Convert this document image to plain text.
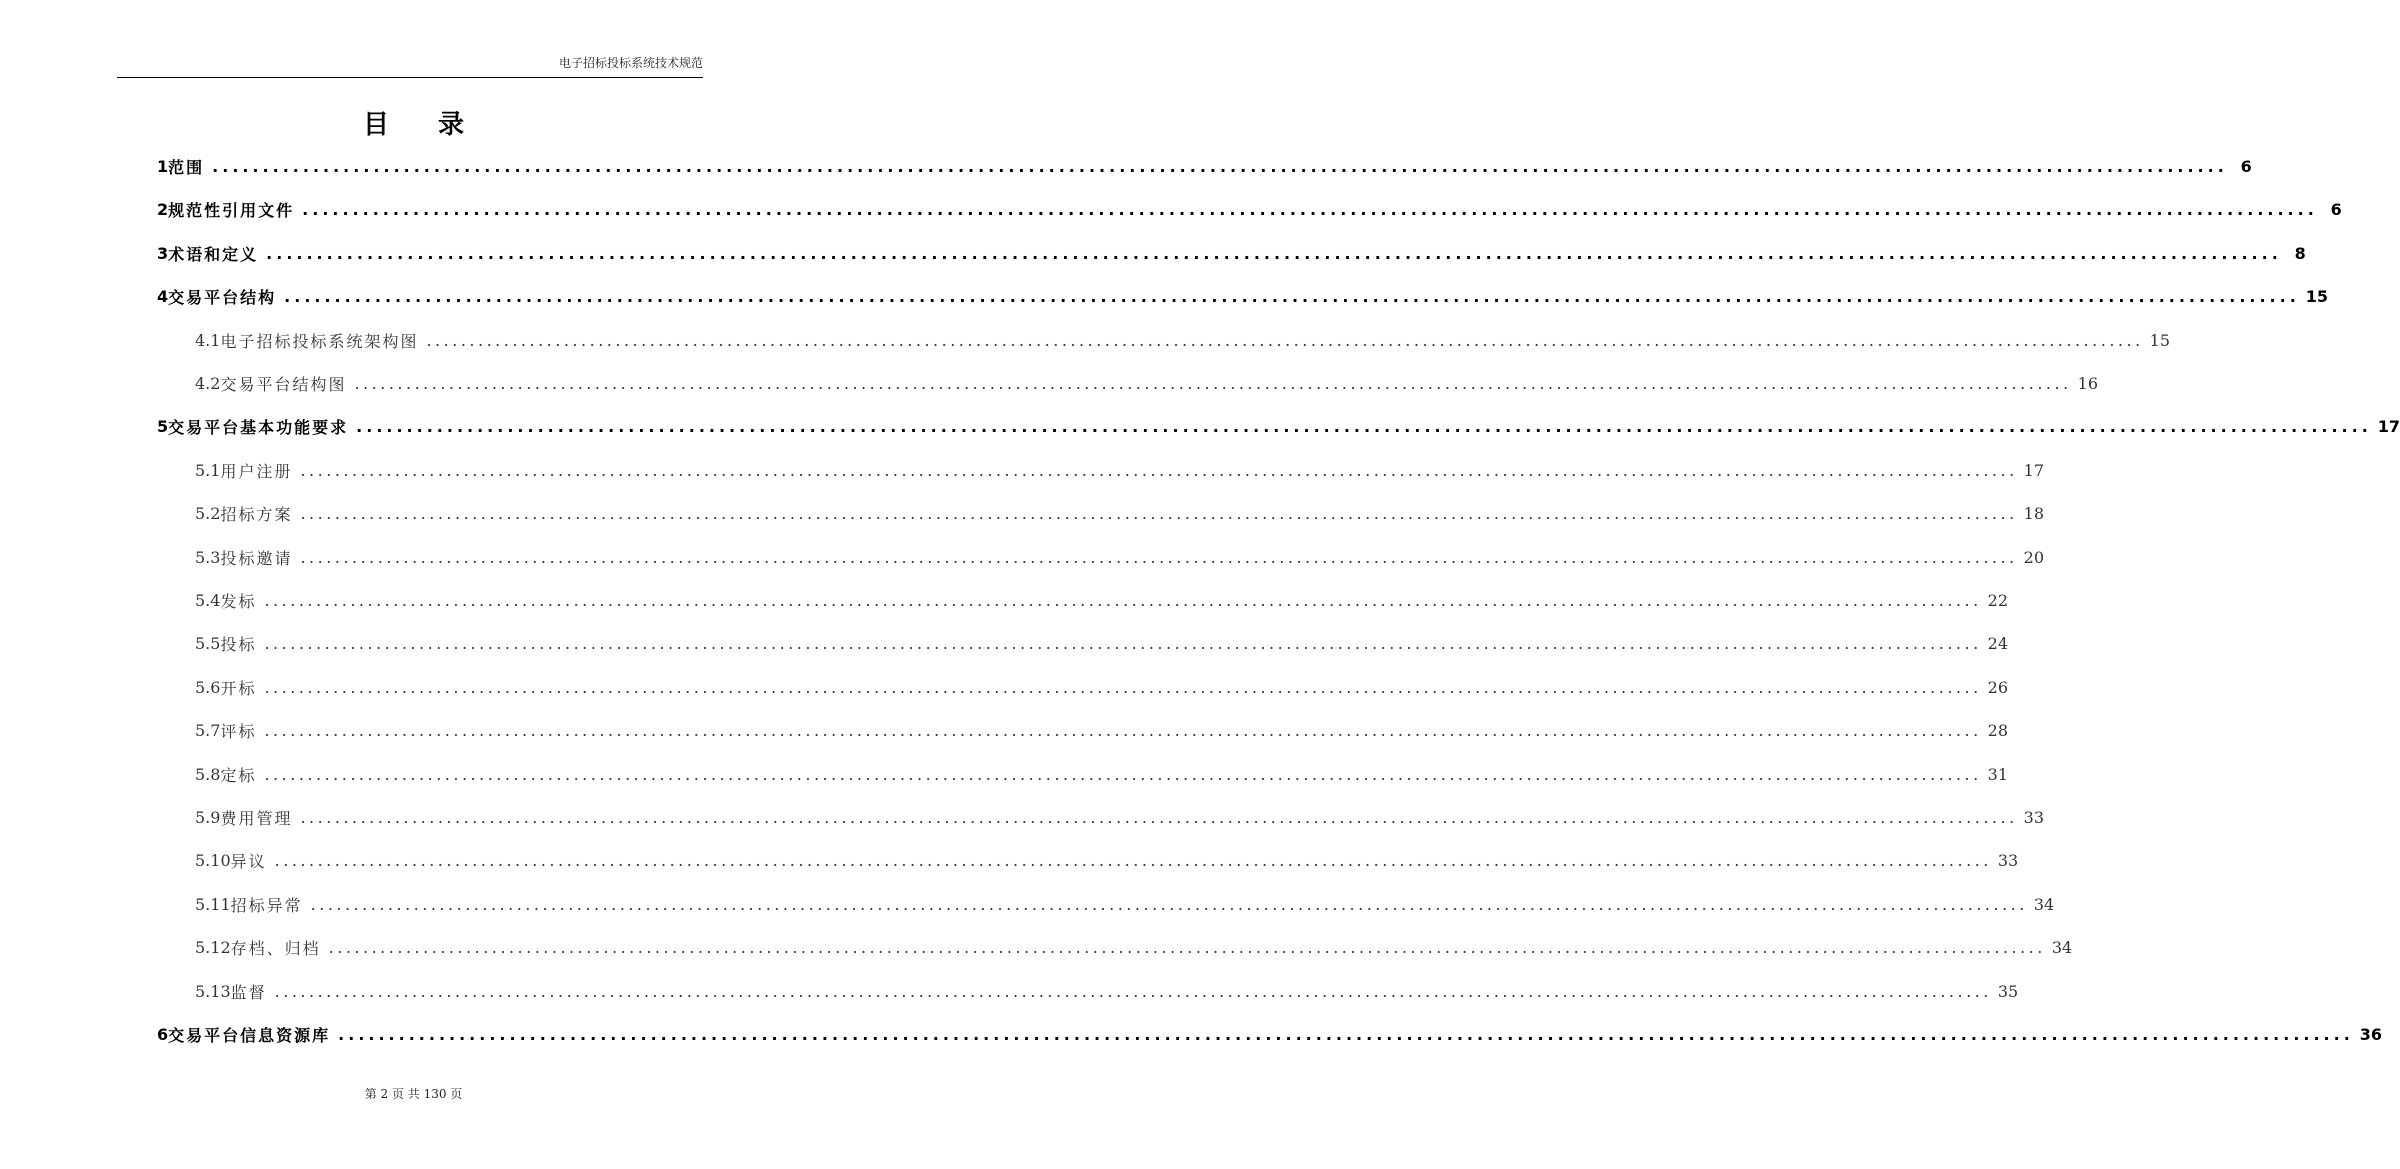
电子招标投标系统技术规范
目 录
1 范围 ........................................................................................................................................................................................................ 6
2 规范性引用文件 ........................................................................................................................................................................................................ 6
3 术语和定义 ........................................................................................................................................................................................................ 8
4 交易平台结构 ........................................................................................................................................................................................................ 15
4.1 电子招标投标系统架构图 ........................................................................................................................................................................................................ 15
4.2 交易平台结构图 ........................................................................................................................................................................................................ 16
5 交易平台基本功能要求 ........................................................................................................................................................................................................ 17
5.1 用户注册 ........................................................................................................................................................................................................ 17
5.2 招标方案 ........................................................................................................................................................................................................ 18
5.3 投标邀请 ........................................................................................................................................................................................................ 20
5.4 发标 ........................................................................................................................................................................................................ 22
5.5 投标 ........................................................................................................................................................................................................ 24
5.6 开标 ........................................................................................................................................................................................................ 26
5.7 评标 ........................................................................................................................................................................................................ 28
5.8 定标 ........................................................................................................................................................................................................ 31
5.9 费用管理 ........................................................................................................................................................................................................ 33
5.10 异议 ........................................................................................................................................................................................................ 33
5.11 招标异常 ........................................................................................................................................................................................................ 34
5.12 存档、归档 ........................................................................................................................................................................................................ 34
5.13 监督 ........................................................................................................................................................................................................ 35
6 交易平台信息资源库 ........................................................................................................................................................................................................ 36
第 2 页 共 130 页
